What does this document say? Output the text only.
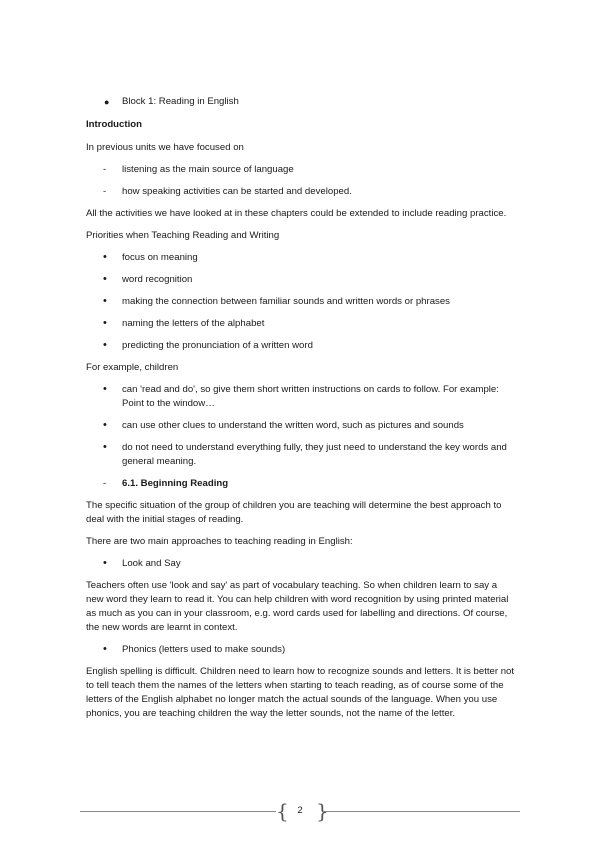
● Block 1: Reading in English

Introduction

In previous units we have focused on

- listening as the main source of language
- how speaking activities can be started and developed.

All the activities we have looked at in these chapters could be extended to include reading practice.

Priorities when Teaching Reading and Writing

• focus on meaning
• word recognition
• making the connection between familiar sounds and written words or phrases
• naming the letters of the alphabet
• predicting the pronunciation of a written word

For example, children

• can 'read and do', so give them short written instructions on cards to follow. For example: Point to the window…
• can use other clues to understand the written word, such as pictures and sounds
• do not need to understand everything fully, they just need to understand the key words and general meaning.

- 6.1. Beginning Reading

The specific situation of the group of children you are teaching will determine the best approach to deal with the initial stages of reading.

There are two main approaches to teaching reading in English:

• Look and Say

Teachers often use 'look and say' as part of vocabulary teaching. So when children learn to say a new word they learn to read it. You can help children with word recognition by using printed material as much as you can in your classroom, e.g. word cards used for labelling and directions. Of course, the new words are learnt in context.

• Phonics (letters used to make sounds)

English spelling is difficult. Children need to learn how to recognize sounds and letters. It is better not to tell teach them the names of the letters when starting to teach reading, as of course some of the letters of the English alphabet no longer match the actual sounds of the language. When you use phonics, you are teaching children the way the letter sounds, not the name of the letter.

{ 2 }
